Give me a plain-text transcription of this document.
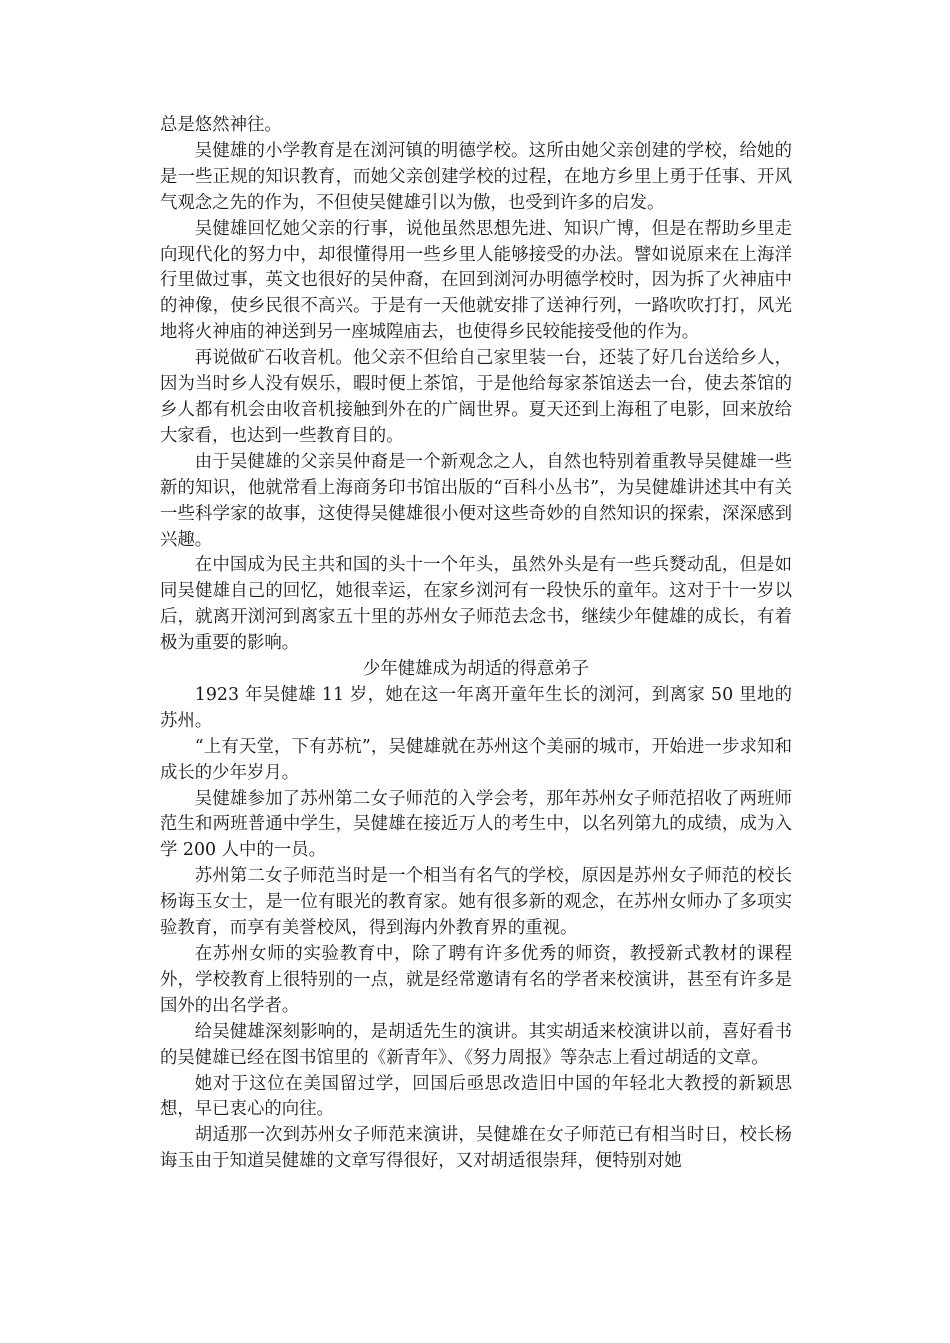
总是悠然神往。

吴健雄的小学教育是在浏河镇的明德学校。这所由她父亲创建的学校，给她的是一些正规的知识教育，而她父亲创建学校的过程，在地方乡里上勇于任事、开风气观念之先的作为，不但使吴健雄引以为傲，也受到许多的启发。

吴健雄回忆她父亲的行事，说他虽然思想先进、知识广博，但是在帮助乡里走向现代化的努力中，却很懂得用一些乡里人能够接受的办法。譬如说原来在上海洋行里做过事，英文也很好的吴仲裔，在回到浏河办明德学校时，因为拆了火神庙中的神像，使乡民很不高兴。于是有一天他就安排了送神行列，一路吹吹打打，风光地将火神庙的神送到另一座城隍庙去，也使得乡民较能接受他的作为。

再说做矿石收音机。他父亲不但给自己家里装一台，还装了好几台送给乡人，因为当时乡人没有娱乐，暇时便上茶馆，于是他给每家茶馆送去一台，使去茶馆的乡人都有机会由收音机接触到外在的广阔世界。夏天还到上海租了电影，回来放给大家看，也达到一些教育目的。

由于吴健雄的父亲吴仲裔是一个新观念之人，自然也特别着重教导吴健雄一些新的知识，他就常看上海商务印书馆出版的“百科小丛书”，为吴健雄讲述其中有关一些科学家的故事，这使得吴健雄很小便对这些奇妙的自然知识的探索，深深感到兴趣。

在中国成为民主共和国的头十一个年头，虽然外头是有一些兵燹动乱，但是如同吴健雄自己的回忆，她很幸运，在家乡浏河有一段快乐的童年。这对于十一岁以后，就离开浏河到离家五十里的苏州女子师范去念书，继续少年健雄的成长，有着极为重要的影响。

少年健雄成为胡适的得意弟子

1923 年吴健雄 11 岁，她在这一年离开童年生长的浏河，到离家 50 里地的苏州。

“上有天堂，下有苏杭”，吴健雄就在苏州这个美丽的城市，开始进一步求知和成长的少年岁月。

吴健雄参加了苏州第二女子师范的入学会考，那年苏州女子师范招收了两班师范生和两班普通中学生，吴健雄在接近万人的考生中，以名列第九的成绩，成为入学 200 人中的一员。

苏州第二女子师范当时是一个相当有名气的学校，原因是苏州女子师范的校长杨诲玉女士，是一位有眼光的教育家。她有很多新的观念，在苏州女师办了多项实验教育，而享有美誉校风，得到海内外教育界的重视。

在苏州女师的实验教育中，除了聘有许多优秀的师资，教授新式教材的课程外，学校教育上很特别的一点，就是经常邀请有名的学者来校演讲，甚至有许多是国外的出名学者。

给吴健雄深刻影响的，是胡适先生的演讲。其实胡适来校演讲以前，喜好看书的吴健雄已经在图书馆里的《新青年》、《努力周报》等杂志上看过胡适的文章。

她对于这位在美国留过学，回国后亟思改造旧中国的年轻北大教授的新颖思想，早已衷心的向往。

胡适那一次到苏州女子师范来演讲，吴健雄在女子师范已有相当时日，校长杨诲玉由于知道吴健雄的文章写得很好，又对胡适很崇拜，便特别对她
